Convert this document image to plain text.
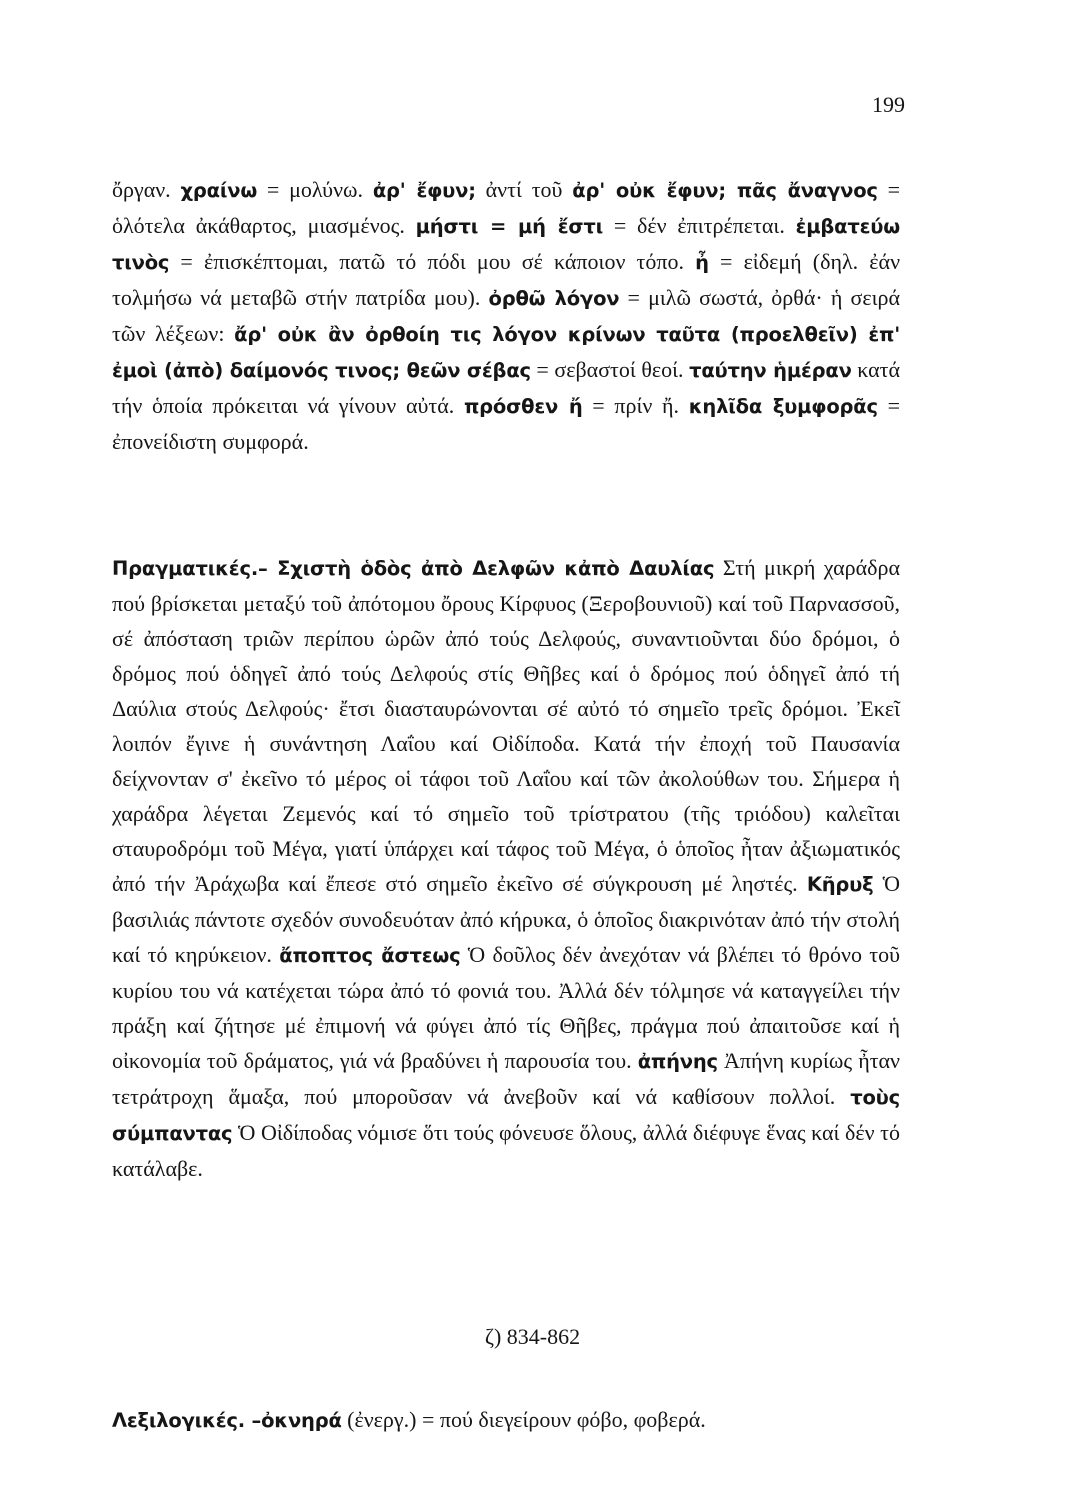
199

ὄργαν. χραίνω = μολύνω. ἀρ' ἔφυν; ἀντί τοῦ ἀρ' οὐκ ἔφυν; πᾶς ἄναγνος = ὁλότελα ἀκάθαρτος, μιασμένος. μήστι = μή ἔστι = δέν ἐπιτρέπεται. ἐμβατεύω τινὸς = ἐπισκέπτομαι, πατῶ τό πόδι μου σέ κάποιον τόπο. ἦ = εἰδεμή (δηλ. ἐάν τολμήσω νά μεταβῶ στήν πατρίδα μου). ὀρθῶ λόγον = μιλῶ σωστά, ὀρθά· ἡ σειρά τῶν λέξεων: ἄρ' οὐκ ἂν ὀρθοίη τις λόγον κρίνων ταῦτα (προελθεῖν) ἐπ' ἐμοὶ (ἀπὸ) δαίμονός τινος; θεῶν σέβας = σεβαστοί θεοί. ταύτην ἡμέραν κατά τήν ὁποία πρόκειται νά γίνουν αὐτά. πρόσθεν ἤ = πρίν ἤ. κηλῖδα ξυμφορᾶς = ἐπονείδιστη συμφορά.

Πραγματικές.– Σχιστὴ ὁδὸς ἀπὸ Δελφῶν κἀπὸ Δαυλίας Στή μικρή χαράδρα πού βρίσκεται μεταξύ τοῦ ἀπότομου ὄρους Κίρφυος (Ξεροβουνιοῦ) καί τοῦ Παρνασσοῦ, σέ ἀπόσταση τριῶν περίπου ὡρῶν ἀπό τούς Δελφούς, συναντιοῦνται δύο δρόμοι, ὁ δρόμος πού ὁδηγεῖ ἀπό τούς Δελφούς στίς Θῆβες καί ὁ δρόμος πού ὁδηγεῖ ἀπό τή Δαύλια στούς Δελφούς· ἔτσι διασταυρώνονται σέ αὐτό τό σημεῖο τρεῖς δρόμοι. Ἐκεῖ λοιπόν ἔγινε ἡ συνάντηση Λαΐου καί Οἰδίποδα. Κατά τήν ἐποχή τοῦ Παυσανία δείχνονταν σ' ἐκεῖνο τό μέρος οἱ τάφοι τοῦ Λαΐου καί τῶν ἀκολούθων του. Σήμερα ἡ χαράδρα λέγεται Ζεμενός καί τό σημεῖο τοῦ τρίστρατου (τῆς τριόδου) καλεῖται σταυροδρόμι τοῦ Μέγα, γιατί ὑπάρχει καί τάφος τοῦ Μέγα, ὁ ὁποῖος ἦταν ἀξιωματικός ἀπό τήν Ἀράχωβα καί ἔπεσε στό σημεῖο ἐκεῖνο σέ σύγκρουση μέ ληστές. Κῆρυξ Ὁ βασιλιάς πάντοτε σχεδόν συνοδευόταν ἀπό κήρυκα, ὁ ὁποῖος διακρινόταν ἀπό τήν στολή καί τό κηρύκειον. ἄποπτος ἄστεως Ὁ δοῦλος δέν ἀνεχόταν νά βλέπει τό θρόνο τοῦ κυρίου του νά κατέχεται τώρα ἀπό τό φονιά του. Ἀλλά δέν τόλμησε νά καταγγείλει τήν πράξη καί ζήτησε μέ ἐπιμονή νά φύγει ἀπό τίς Θῆβες, πράγμα πού ἀπαιτοῦσε καί ἡ οἰκονομία τοῦ δράματος, γιά νά βραδύνει ἡ παρουσία του. ἀπήνης Ἀπήνη κυρίως ἦταν τετράτροχη ἅμαξα, πού μποροῦσαν νά ἀνεβοῦν καί νά καθίσουν πολλοί. τοὺς σύμπαντας Ὁ Οἰδίποδας νόμισε ὅτι τούς φόνευσε ὅλους, ἀλλά διέφυγε ἕνας καί δέν τό κατάλαβε.

ζ) 834-862

Λεξιλογικές. –ὀκνηρά (ἐνεργ.) = πού διεγείρουν φόβο, φοβερά.
